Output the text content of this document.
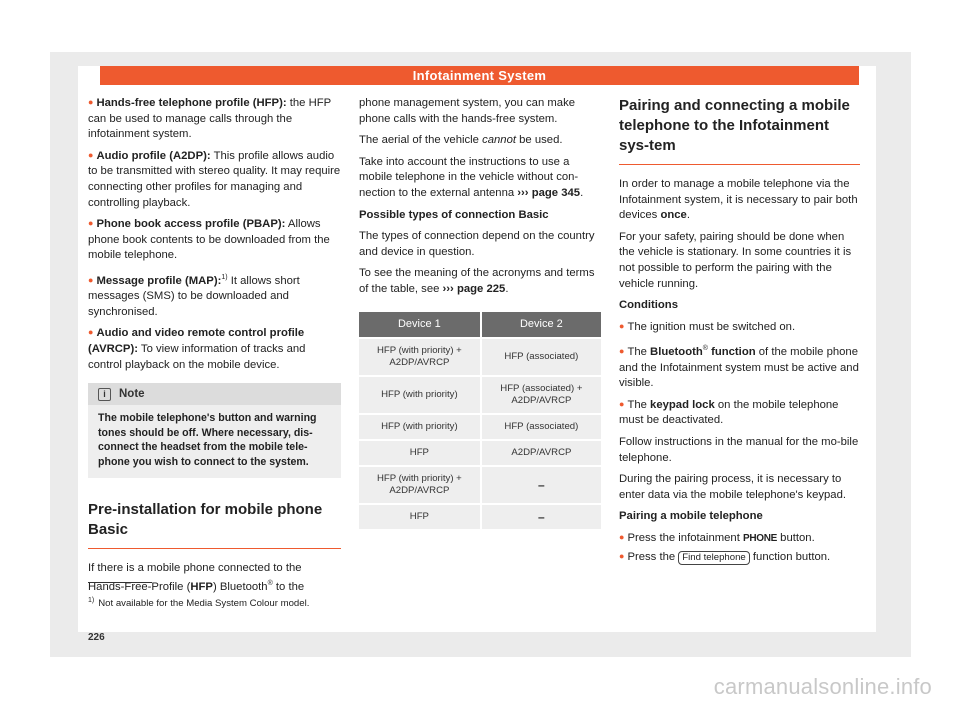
Infotainment System

● Hands-free telephone profile (HFP): the HFP can be used to manage calls through the infotainment system.

● Audio profile (A2DP): This profile allows audio to be transmitted with stereo quality. It may require connecting other profiles for managing and controlling playback.

● Phone book access profile (PBAP): Allows phone book contents to be downloaded from the mobile telephone.

● Message profile (MAP):$^{1)}$ It allows short messages (SMS) to be downloaded and synchronised.

● Audio and video remote control profile (AVRCP): To view information of tracks and control playback on the mobile device.

i Note
The mobile telephone's button and warning tones should be off. Where necessary, dis-connect the headset from the mobile tele-phone you wish to connect to the system.
Pre-installation for mobile phone Basic

If there is a mobile phone connected to the Hands-Free-Profile (HFP) Bluetooth® to the

phone management system, you can make phone calls with the hands-free system.

The aerial of the vehicle cannot be used.

Take into account the instructions to use a mobile telephone in the vehicle without con-nection to the external antenna ››› page 345.

Possible types of connection Basic

The types of connection depend on the country and device in question.

To see the meaning of the acronyms and terms of the table, see ››› page 225.

Device 1	Device 2
HFP (with priority) + A2DP/AVRCP	HFP (associated)
HFP (with priority)	HFP (associated) + A2DP/AVRCP
HFP (with priority)	HFP (associated)
HFP	A2DP/AVRCP
HFP (with priority) + A2DP/AVRCP	–
HFP	–
Pairing and connecting a mobile telephone to the Infotainment sys-tem

In order to manage a mobile telephone via the Infotainment system, it is necessary to pair both devices once.

For your safety, pairing should be done when the vehicle is stationary. In some countries it is not possible to perform the pairing with the vehicle running.

Conditions

● The ignition must be switched on.

● The Bluetooth® function of the mobile phone and the Infotainment system must be active and visible.

● The keypad lock on the mobile telephone must be deactivated.

Follow instructions in the manual for the mo-bile telephone.

During the pairing process, it is necessary to enter data via the mobile telephone's keypad.

Pairing a mobile telephone

● Press the infotainment PHONE button.

● Press the Find telephone function button.

$^{1)}$ Not available for the Media System Colour model.
226
carmanualsonline.info
